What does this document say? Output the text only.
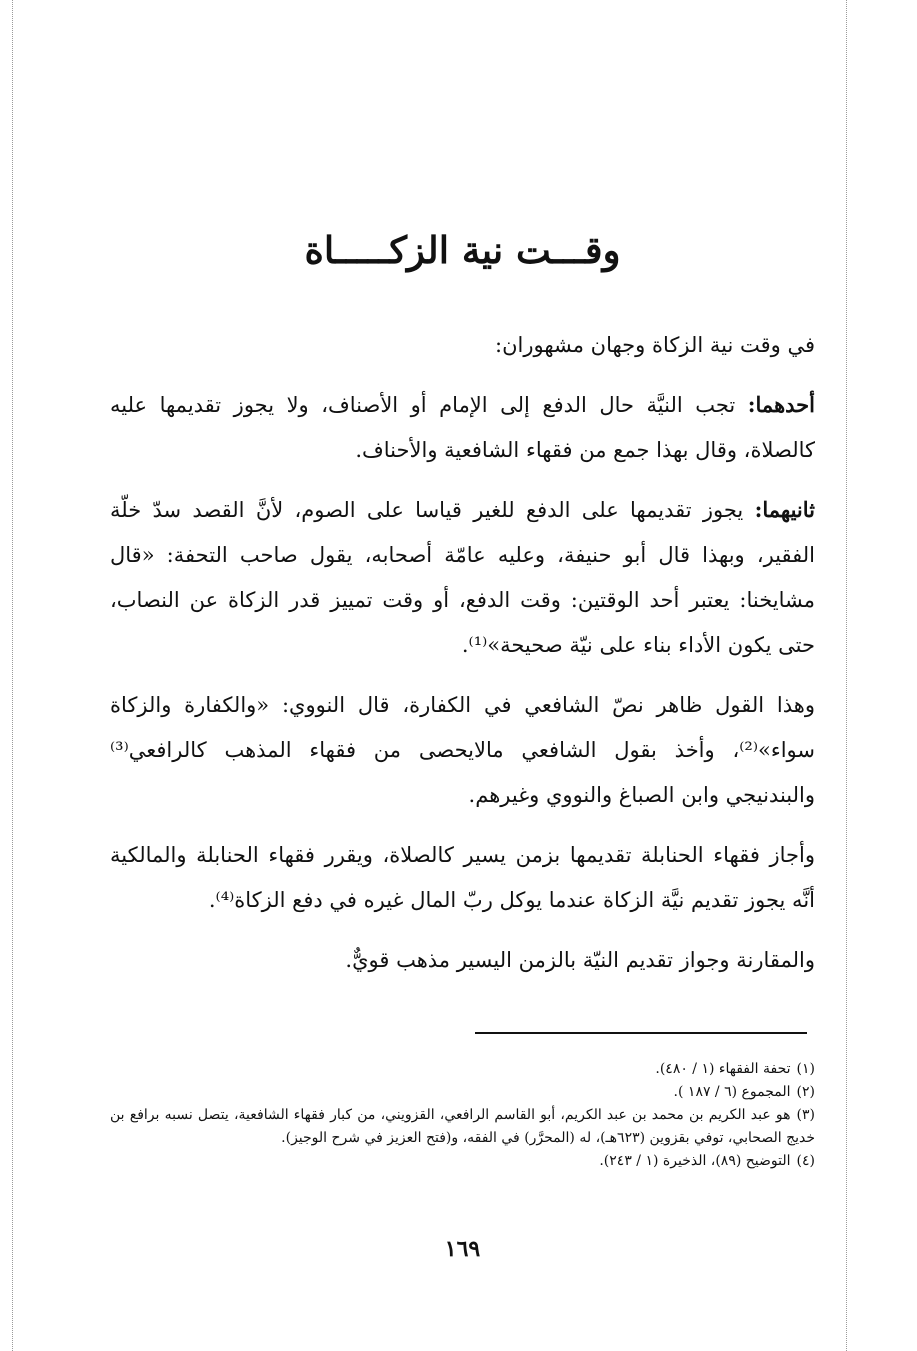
وقـــت نية الزكـــــاة

في وقت نية الزكاة وجهان مشهوران:

أحدهما: تجب النيَّة حال الدفع إلى الإمام أو الأصناف، ولا يجوز تقديمها عليه كالصلاة، وقال بهذا جمع من فقهاء الشافعية والأحناف.

ثانيهما: يجوز تقديمها على الدفع للغير قياسا على الصوم، لأنَّ القصد سدّ خلّة الفقير، وبهذا قال أبو حنيفة، وعليه عامّة أصحابه، يقول صاحب التحفة: «قال مشايخنا: يعتبر أحد الوقتين: وقت الدفع، أو وقت تمييز قدر الزكاة عن النصاب، حتى يكون الأداء بناء على نيّة صحيحة»⁽¹⁾.

وهذا القول ظاهر نصّ الشافعي في الكفارة، قال النووي: «والكفارة والزكاة سواء»⁽²⁾، وأخذ بقول الشافعي مالايحصى من فقهاء المذهب كالرافعي⁽³⁾ والبندنيجي وابن الصباغ والنووي وغيرهم.

وأجاز فقهاء الحنابلة تقديمها بزمن يسير كالصلاة، ويقرر فقهاء الحنابلة والمالكية أنَّه يجوز تقديم نيَّة الزكاة عندما يوكل ربّ المال غيره في دفع الزكاة⁽⁴⁾.

والمقارنة وجواز تقديم النيّة بالزمن اليسير مذهب قويٌّ.

(١)تحفة الفقهاء (١ / ٤٨٠).

(٢)المجموع (٦ / ١٨٧ ).

(٣)هو عبد الكريم بن محمد بن عبد الكريم، أبو القاسم الرافعي، القزويني، من كبار فقهاء الشافعية، يتصل نسبه برافع بن خديج الصحابي، توفي بقزوين (٦٢٣هـ)، له (المحرَّر) في الفقه، و(فتح العزيز في شرح الوجيز).

(٤)التوضيح (٨٩)، الذخيرة (١ / ٢٤٣).

١٦٩
